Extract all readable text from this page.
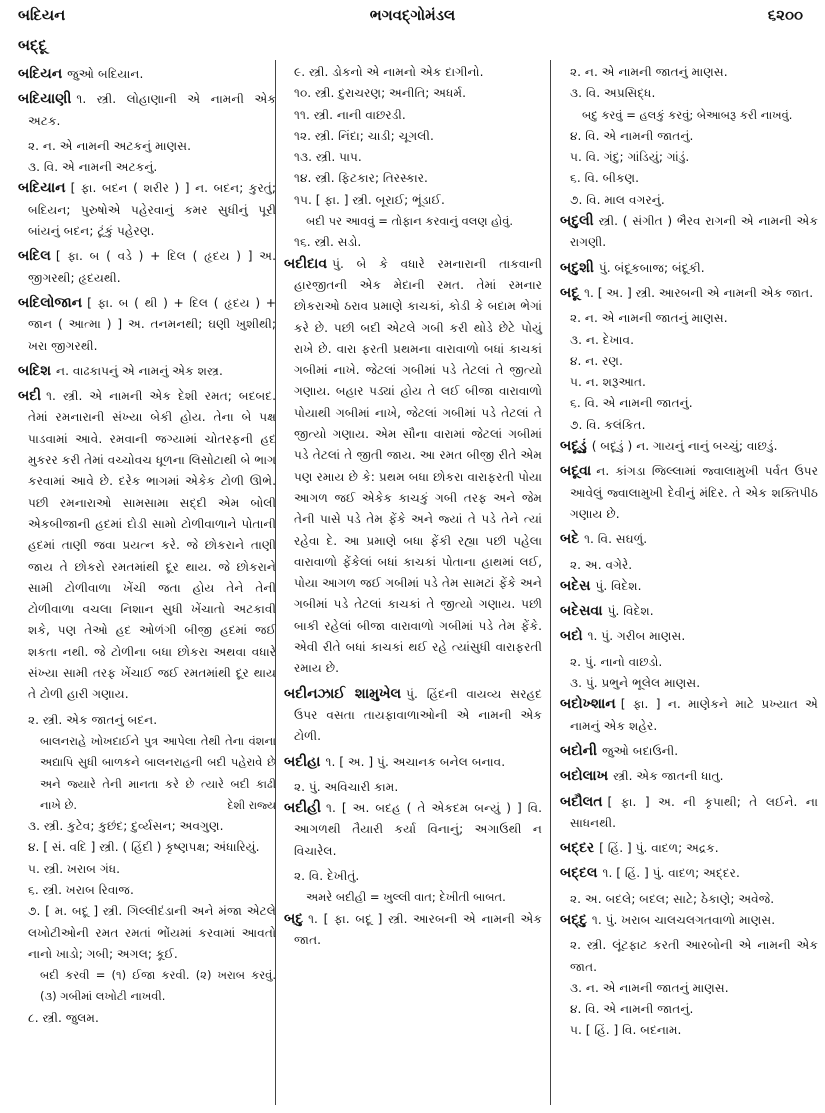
બદિયન	ભગવદ્ગોમંડલ	૬૨૦૦
બદ્દૂ
બદિયન જુઓ બદિયાન.
બદિયાણી ૧. સ્ત્રી. લોહાણાની એ નામની એક અટક.
૨. ન. એ નામની અટકનું માણસ.
૩. વિ. એ નામની અટકનું.
બદિયાન [ ફા. બદન ( શરીર ) ] ન. બદન; કુરતું; બદિયન; પુરુષોએ પહેરવાનું કમર સુધીનું પૂરી બાંયનું બદન; ટૂંકું પહેરણ.
બદિલ [ ફા. બ ( વડે ) + દિલ ( હૃદય ) ] અ. જીગરથી; હૃદયથી.
બદિલોજાન [ ફા. બ ( થી ) + દિલ ( હૃદય ) + જાન ( આત્મા ) ] અ. તનમનથી; ઘણી ખુશીથી; ખરા જીગરથી.
બદિશ ન. વાઢકાપનું એ નામનું એક શસ્ત્ર.
બદી ૧. સ્ત્રી. એ નામની એક દેશી રમત; બદબદ. તેમાં રમનારાની સંખ્યા બેકી હોય. તેના બે પક્ષ પાડવામાં આવે. રમવાની જગ્યામાં ચોતરફની હદ મુકરર કરી તેમાં વચ્ચોવચ ધૂળના લિસોટાથી બે ભાગ કરવામાં આવે છે. દરેક ભાગમાં એકેક ટોળી ઊભે. પછી રમનારાઓ સામસામા સદ્દી એમ બોલી એકબીજાની હદમાં દોડી સામો ટોળીવાળાને પોતાની હદમાં તાણી જવા પ્રયત્ન કરે. જે છોકરાને તાણી જાય તે છોકરો રમતમાંથી દૂર થાય. જે છોકરાને સામી ટોળીવાળા ખેંચી જતા હોય તેને તેની ટોળીવાળા વચલા નિશાન સુધી ખેંચાતો અટકાવી શકે, પણ તેઓ હદ ઓળંગી બીજી હદમાં જઈ શકતા નથી. જે ટોળીના બધા છોકરા અથવા વધારે સંખ્યા સામી તરફ ખેંચાઈ જઈ રમતમાંથી દૂર થાય તે ટોળી હારી ગણાય.
૨. સ્ત્રી. એક જાતનું બદન.
બાલનરાહે ખોખદાઈને પુત્ર આપેલા તેથી તેના વંશના અદ્યાપિ સુધી બાળકને બાલનરાહની બદી પહેરાવે છે અને જ્યારે તેની માનતા કરે છે ત્યારે બદી કાઢી નાખે છે.	દેશી રાજ્ય
૩. સ્ત્રી. કુટેવ; કુછંદ; દુર્વ્યસન; અવગુણ.
૪. [ સં. વદિ ] સ્ત્રી. ( હિંદી ) કૃષ્ણપક્ષ; અંધારિયું.
૫. સ્ત્રી. ખરાબ ગંધ.
૬. સ્ત્રી. ખરાબ રિવાજ.
૭. [ મ. બદૂ ] સ્ત્રી. ગિલ્લીદંડાની અને મંજા એટલે લખોટીઓની રમત રમતાં ભોંયમાં કરવામાં આવતો નાનો ખાડો; ગબી; અગલ; કૂઈ.
બદી કરવી = (૧) ઈજા કરવી. (૨) ખરાબ કરવું. (૩) ગબીમાં લખોટી નાખવી.
૮. સ્ત્રી. જુલમ.
૯. સ્ત્રી. ડોકનો એ નામનો એક દાગીનો.
૧૦. સ્ત્રી. દુરાચરણ; અનીતિ; અધર્મ.
૧૧. સ્ત્રી. નાની વાછરડી.
૧૨. સ્ત્રી. નિંદા; ચાડી; ચૂગલી.
૧૩. સ્ત્રી. પાપ.
૧૪. સ્ત્રી. ફિટકાર; તિરસ્કાર.
૧૫. [ ફા. ] સ્ત્રી. બૂરાઈ; ભૂંડાઈ.
બદી પર આવવું = તોફાન કરવાનું વલણ હોવું.
૧૬. સ્ત્રી. સડો.
બદીદાવ પું. બે કે વધારે રમનારાની તાકવાની હારજીતની એક મેદાની રમત. તેમાં રમનાર છોકરાઓ ઠરાવ પ્રમાણે કાચકાં, કોડી કે બદામ ભેગાં કરે છે. પછી બદી એટલે ગબી કરી થોડે છેટે પોયું રાખે છે. વારા ફરતી પ્રથમના વારાવાળો બધાં કાચકાં ગબીમાં નાખે. જેટલાં ગબીમાં પડે તેટલાં તે જીત્યો ગણાય. બહાર પડ્યાં હોય તે લઈ બીજા વારાવાળો પોયાથી ગબીમાં નાખે, જેટલાં ગબીમાં પડે તેટલાં તે જીત્યો ગણાય. એમ સૌના વારામાં જેટલાં ગબીમાં પડે તેટલાં તે જીતી જાય. આ રમત બીજી રીતે એમ પણ રમાય છે કે: પ્રથમ બધા છોકરા વારાફરતી પોયા આગળ જઈ એકેક કાચકું ગબી તરફ અને જેમ તેની પાસે પડે તેમ ફેંકે અને જ્યાં તે પડે તેને ત્યાં રહેવા દે. આ પ્રમાણે બધા ફેંકી રહ્યા પછી પહેલા વારાવાળો ફેંકેલાં બધાં કાચકાં પોતાના હાથમાં લઈ, પોયા આગળ જઈ ગબીમાં પડે તેમ સામટાં ફેંકે અને ગબીમાં પડે તેટલાં કાચકાં તે જીત્યો ગણાય. પછી બાકી રહેલાં બીજા વારાવાળો ગબીમાં પડે તેમ ફેંકે. એવી રીતે બધાં કાચકાં થઈ રહે ત્યાંસુધી વારાફરતી રમાય છે.
બદીનઝાઈ શામુખેલ પું. હિંદની વાયવ્ય સરહદ ઉપર વસતા તાયફાવાળાઓની એ નામની એક ટોળી.
બદીહા ૧. [ અ. ] પું. અચાનક બનેલ બનાવ.
૨. પું. અવિચારી કામ.
બદીહી ૧. [ અ. બદહ ( તે એકદમ બન્યું ) ] વિ. આગળથી તૈયારી કર્યા વિનાનું; અગાઉથી ન વિચારેલ.
૨. વિ. દેખીતું.
અમરે બદીહી = ખુલ્લી વાત; દેખીતી બાબત.
બદુ ૧. [ ફા. બદૂ ] સ્ત્રી. આરબની એ નામની એક જાત.
૨. ન. એ નામની જાતનું માણસ.
૩. વિ. અપ્રસિદ્ધ.
બદુ કરવું = હલકું કરવું; બેઆબરૂ કરી નાખવું.
૪. વિ. એ નામની જાતનું.
૫. વિ. ગંદુ; ગાંડિયું; ગાંડું.
૬. વિ. બીકણ.
૭. વિ. માલ વગરનું.
બદુલી સ્ત્રી. ( સંગીત ) ભૈરવ રાગની એ નામની એક રાગણી.
બદુશી પું. બંદૂકબાજ; બંદૂકી.
બદૂ ૧. [ અ. ] સ્ત્રી. આરબની એ નામની એક જાત.
૨. ન. એ નામની જાતનું માણસ.
૩. ન. દેખાવ.
૪. ન. રણ.
૫. ન. શરૂઆત.
૬. વિ. એ નામની જાતનું.
૭. વિ. કલંકિત.
બદૂડું ( બદૂડું ) ન. ગાયનું નાનું બચ્ચું; વાછડું.
બદૂવા ન. કાંગડા જિલ્લામાં જ્વાલામુખી પર્વત ઉપર આવેલું જ્વાલામુખી દેવીનું મંદિર. તે એક શક્તિપીઠ ગણાય છે.
બદે ૧. વિ. સઘળું.
૨. અ. વગેરે.
બદેસ પું. વિદેશ.
બદેસવા પું. વિદેશ.
બદો ૧. પું. ગરીબ માણસ.
૨. પું. નાનો વાછડો.
૩. પું. પ્રભુને ભૂલેલ માણસ.
બદોખ્શાન [ ફા. ] ન. માણેકને માટે પ્રખ્યાત એ નામનું એક શહેર.
બદોની જુઓ બદાઉની.
બદોલાખ સ્ત્રી. એક જાતની ધાતુ.
બદૌલત [ ફા. ] અ. ની કૃપાથી; તે લઈને. ના સાધનથી.
બદ્દર [ હિં. ] પું. વાદળ; અદ્રક.
બદ્દલ ૧. [ હિં. ] પું. વાદળ; અદ્દર.
૨. અ. બદલે; બદલ; સાટે; ઠેકાણે; અવેજે.
બદ્દુ ૧. પું. ખરાબ ચાલચલગતવાળો માણસ.
૨. સ્ત્રી. લૂંટફાટ કરતી આરબોની એ નામની એક જાત.
૩. ન. એ નામની જાતનું માણસ.
૪. વિ. એ નામની જાતનું.
૫. [ હિં. ] વિ. બદનામ.
